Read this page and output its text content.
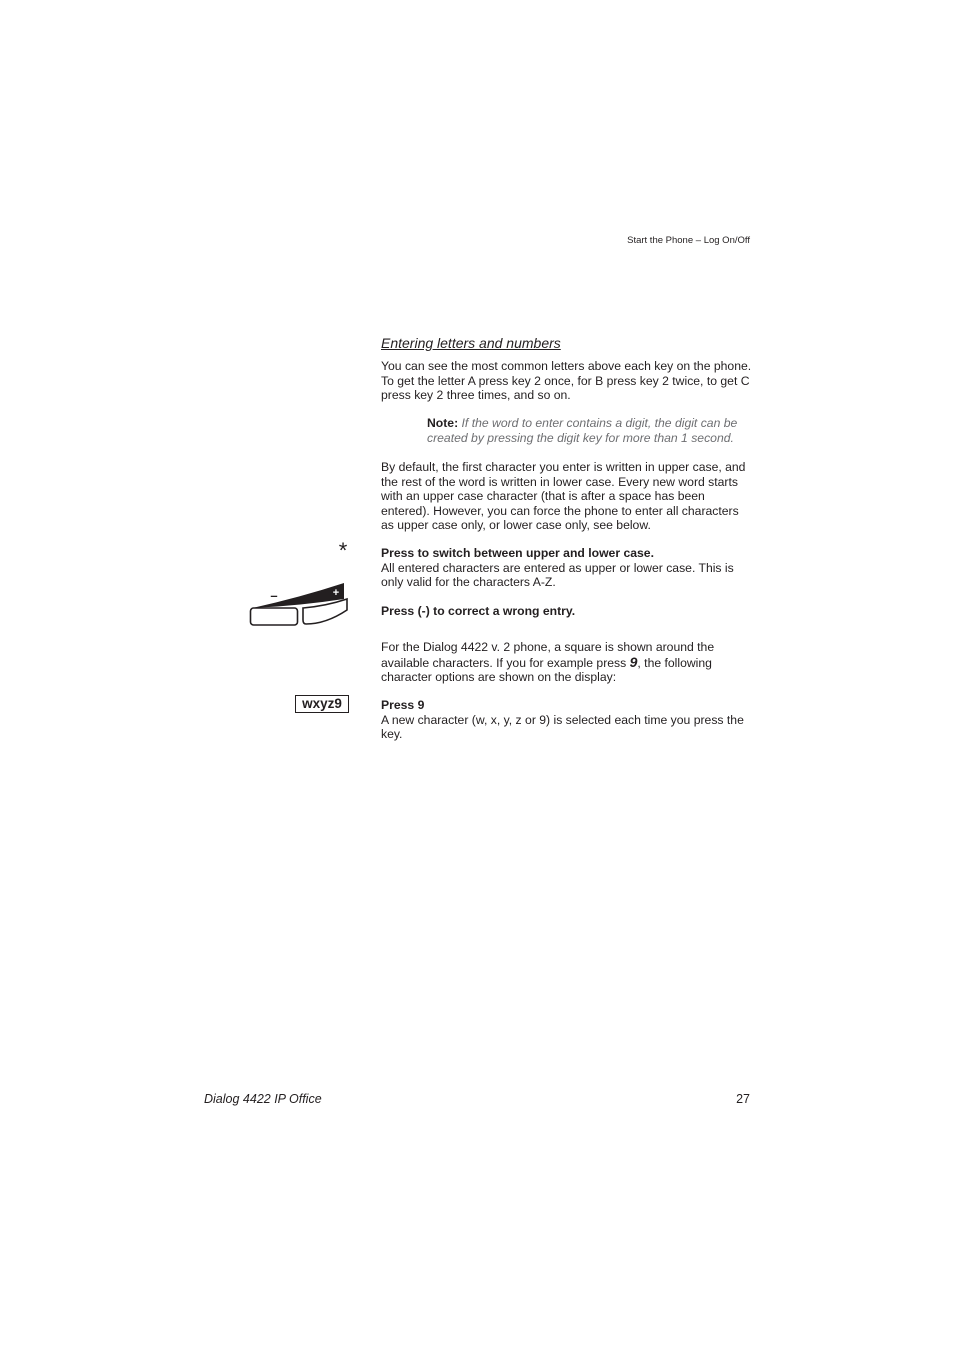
Start the Phone – Log On/Off
Entering letters and numbers
You can see the most common letters above each key on the phone. To get the letter A press key 2 once, for B press key 2 twice, to get C press key 2 three times, and so on.
Note: If the word to enter contains a digit, the digit can be created by pressing the digit key for more than 1 second.
By default, the first character you enter is written in upper case, and the rest of the word is written in lower case. Every new word starts with an upper case character (that is after a space has been entered). However, you can force the phone to enter all characters as upper case only, or lower case only, see below.
*	Press to switch between upper and lower case.
All entered characters are entered as upper or lower case. This is only valid for the characters A-Z.
–	+
Press (-) to correct a wrong entry.
For the Dialog 4422 v. 2 phone, a square is shown around the available characters. If you for example press 9, the following character options are shown on the display:
wxyz9	Press 9
A new character (w, x, y, z or 9) is selected each time you press the key.
Dialog 4422 IP Office	27
